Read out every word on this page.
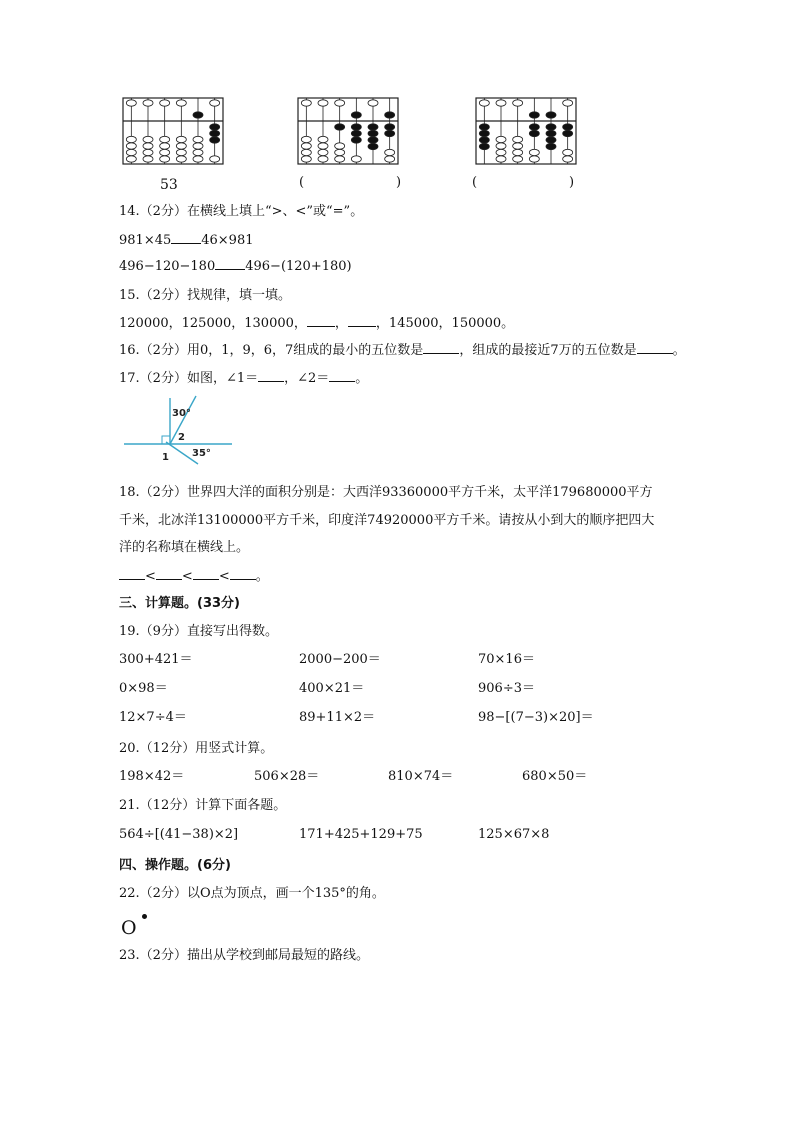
53	(	)	(	)
14.（2分）在横线上填上“>、<”或“=”。
981×45 46×981
496−120−180 496−(120+180)
15.（2分）找规律，填一填。
120000，125000，130000， ， ，145000，150000。
16.（2分）用0，1，9，6，7组成的最小的五位数是	，组成的最接近7万的五位数是	。
17.（2分）如图，∠1＝ ，∠2＝ 。
30°
2
1 35°
18.（2分）世界四大洋的面积分别是：大西洋93360000平方千米，太平洋179680000平方
千米，北冰洋13100000平方千米，印度洋74920000平方千米。请按从小到大的顺序把四大
洋的名称填在横线上。
< < < 。
三、计算题。(33分)
19.（9分）直接写出得数。
300+421＝	2000−200＝	70×16＝
0×98＝	400×21＝	906÷3＝
12×7÷4＝	89+11×2＝	98−[(7−3)×20]＝
20.（12分）用竖式计算。
198×42＝	506×28＝	810×74＝	680×50＝
21.（12分）计算下面各题。
564÷[(41−38)×2]	171+425+129+75	125×67×8
四、操作题。(6分)
22.（2分）以O点为顶点，画一个135°的角。
O
23.（2分）描出从学校到邮局最短的路线。
